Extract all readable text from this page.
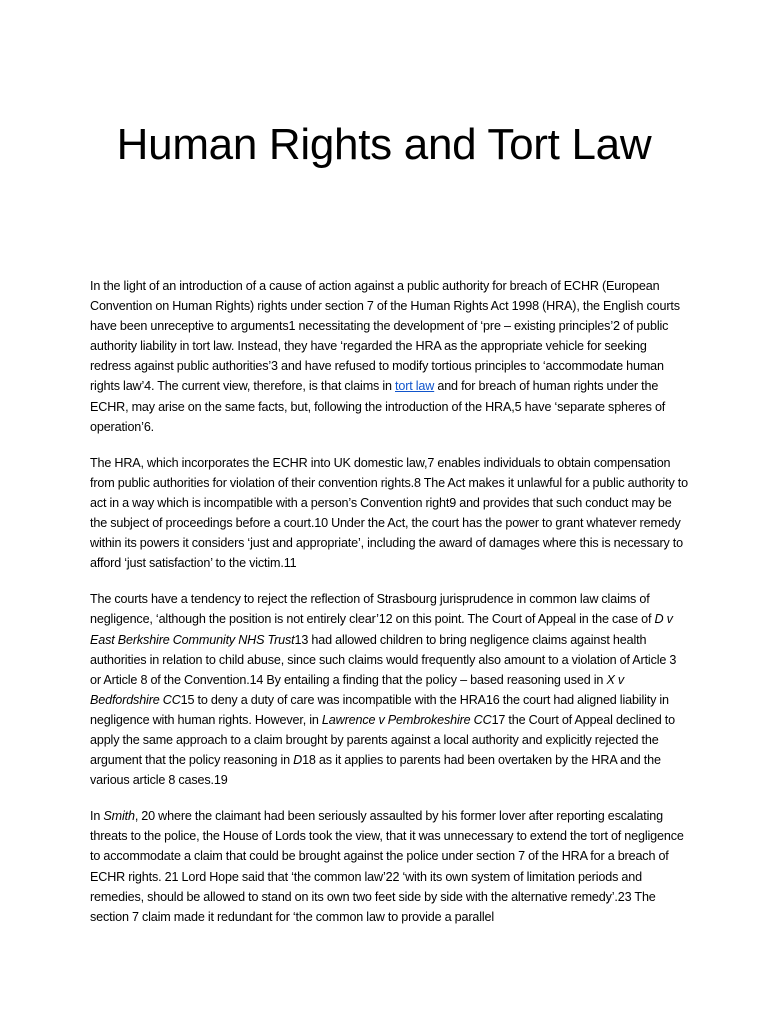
Human Rights and Tort Law

In the light of an introduction of a cause of action against a public authority for breach of ECHR (European Convention on Human Rights) rights under section 7 of the Human Rights Act 1998 (HRA), the English courts have been unreceptive to arguments1 necessitating the development of ‘pre – existing principles’2 of public authority liability in tort law. Instead, they have ‘regarded the HRA as the appropriate vehicle for seeking redress against public authorities’3 and have refused to modify tortious principles to ‘accommodate human rights law’4. The current view, therefore, is that claims in tort law and for breach of human rights under the ECHR, may arise on the same facts, but, following the introduction of the HRA,5 have ‘separate spheres of operation’6.

The HRA, which incorporates the ECHR into UK domestic law,7 enables individuals to obtain compensation from public authorities for violation of their convention rights.8 The Act makes it unlawful for a public authority to act in a way which is incompatible with a person’s Convention right9 and provides that such conduct may be the subject of proceedings before a court.10 Under the Act, the court has the power to grant whatever remedy within its powers it considers ‘just and appropriate’, including the award of damages where this is necessary to afford ‘just satisfaction’ to the victim.11

The courts have a tendency to reject the reflection of Strasbourg jurisprudence in common law claims of negligence, ‘although the position is not entirely clear’12 on this point. The Court of Appeal in the case of D v East Berkshire Community NHS Trust13 had allowed children to bring negligence claims against health authorities in relation to child abuse, since such claims would frequently also amount to a violation of Article 3 or Article 8 of the Convention.14 By entailing a finding that the policy – based reasoning used in X v Bedfordshire CC15 to deny a duty of care was incompatible with the HRA16 the court had aligned liability in negligence with human rights. However, in Lawrence v Pembrokeshire CC17 the Court of Appeal declined to apply the same approach to a claim brought by parents against a local authority and explicitly rejected the argument that the policy reasoning in D18 as it applies to parents had been overtaken by the HRA and the various article 8 cases.19

In Smith, 20 where the claimant had been seriously assaulted by his former lover after reporting escalating threats to the police, the House of Lords took the view, that it was unnecessary to extend the tort of negligence to accommodate a claim that could be brought against the police under section 7 of the HRA for a breach of ECHR rights. 21 Lord Hope said that ‘the common law’22 ‘with its own system of limitation periods and remedies, should be allowed to stand on its own two feet side by side with the alternative remedy’.23 The section 7 claim made it redundant for ‘the common law to provide a parallel
